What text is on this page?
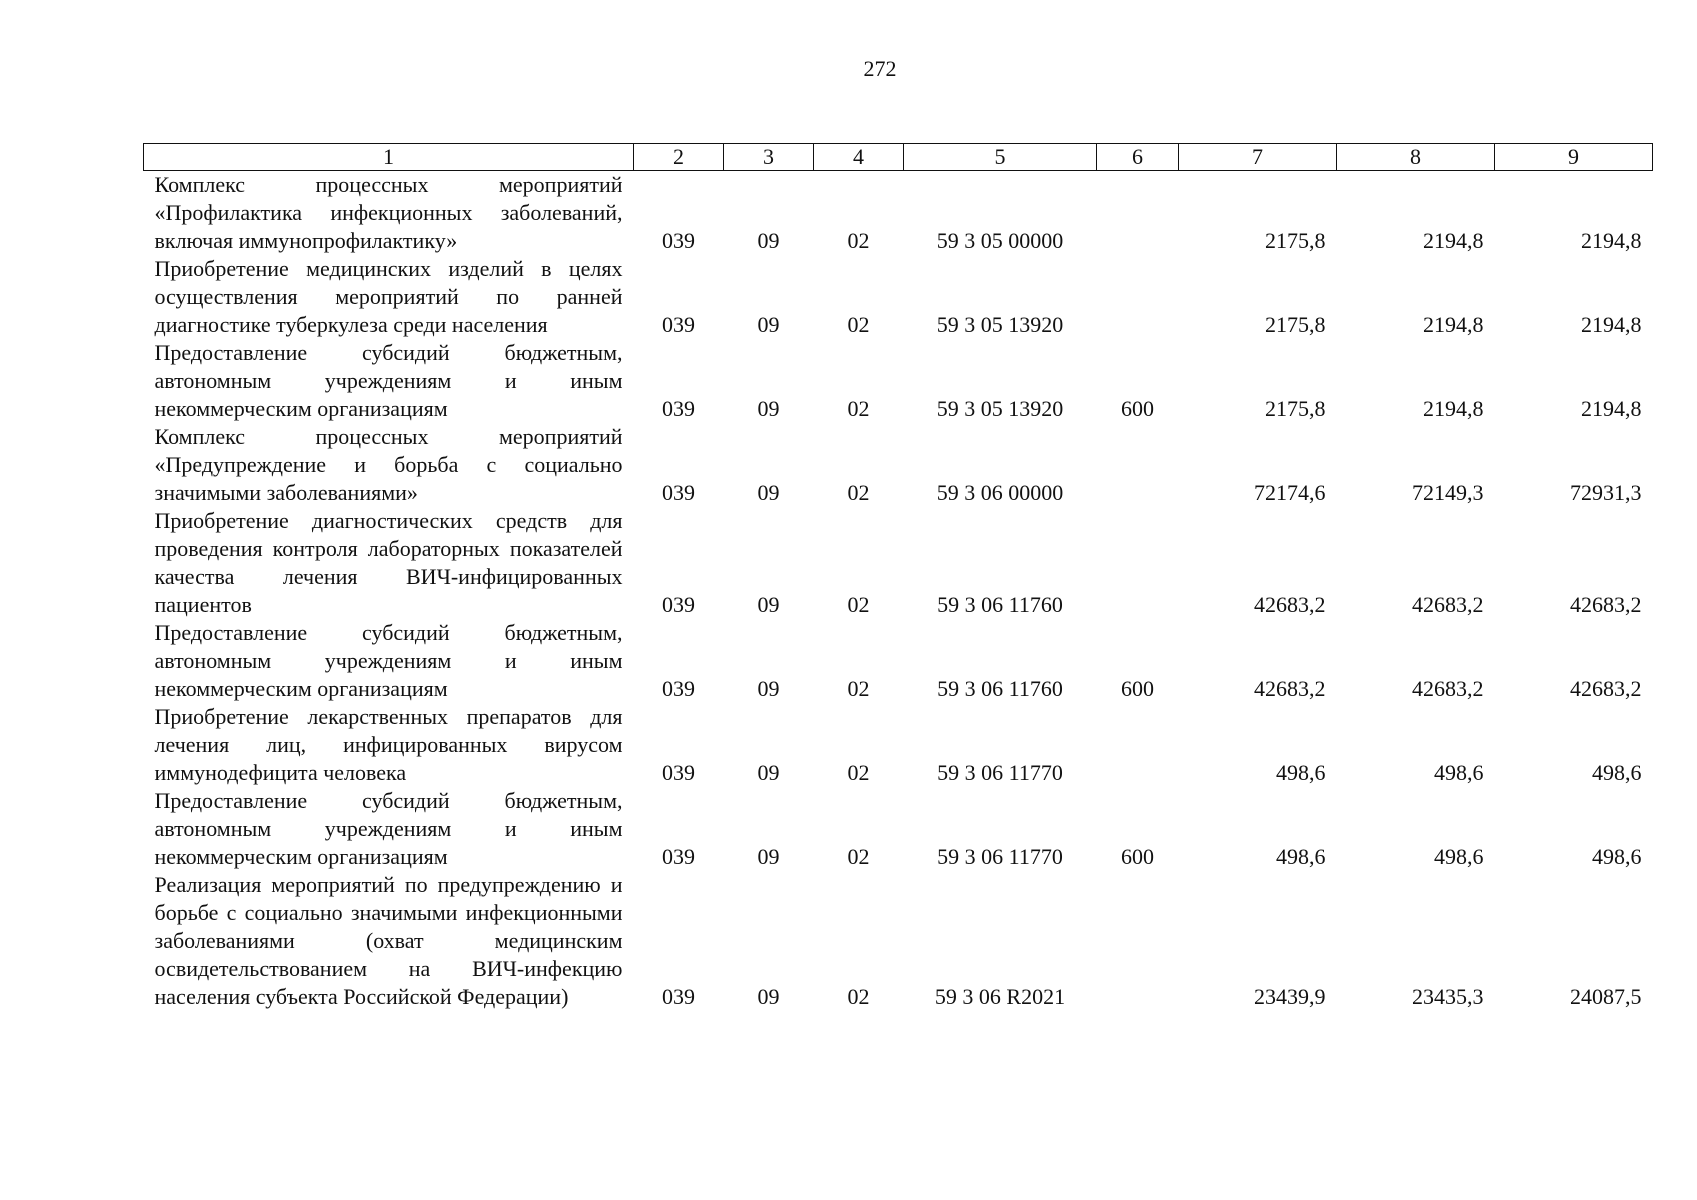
272
1	2	3	4	5	6	7	8	9
Комплекс процессных мероприятий «Профилактика инфекционных заболеваний, включая иммунопрофилактику»	039	09	02	59 3 05 00000		2175,8	2194,8	2194,8
Приобретение медицинских изделий в целях осуществления мероприятий по ранней диагностике туберкулеза среди населения	039	09	02	59 3 05 13920		2175,8	2194,8	2194,8
Предоставление субсидий бюджетным, автономным учреждениям и иным некоммерческим организациям	039	09	02	59 3 05 13920	600	2175,8	2194,8	2194,8
Комплекс процессных мероприятий «Предупреждение и борьба с социально значимыми заболеваниями»	039	09	02	59 3 06 00000		72174,6	72149,3	72931,3
Приобретение диагностических средств для проведения контроля лабораторных показателей качества лечения ВИЧ-инфицированных пациентов	039	09	02	59 3 06 11760		42683,2	42683,2	42683,2
Предоставление субсидий бюджетным, автономным учреждениям и иным некоммерческим организациям	039	09	02	59 3 06 11760	600	42683,2	42683,2	42683,2
Приобретение лекарственных препаратов для лечения лиц, инфицированных вирусом иммунодефицита человека	039	09	02	59 3 06 11770		498,6	498,6	498,6
Предоставление субсидий бюджетным, автономным учреждениям и иным некоммерческим организациям	039	09	02	59 3 06 11770	600	498,6	498,6	498,6
Реализация мероприятий по предупреждению и борьбе с социально значимыми инфекционными заболеваниями (охват медицинским освидетельствованием на ВИЧ-инфекцию населения субъекта Российской Федерации)	039	09	02	59 3 06 R2021		23439,9	23435,3	24087,5
